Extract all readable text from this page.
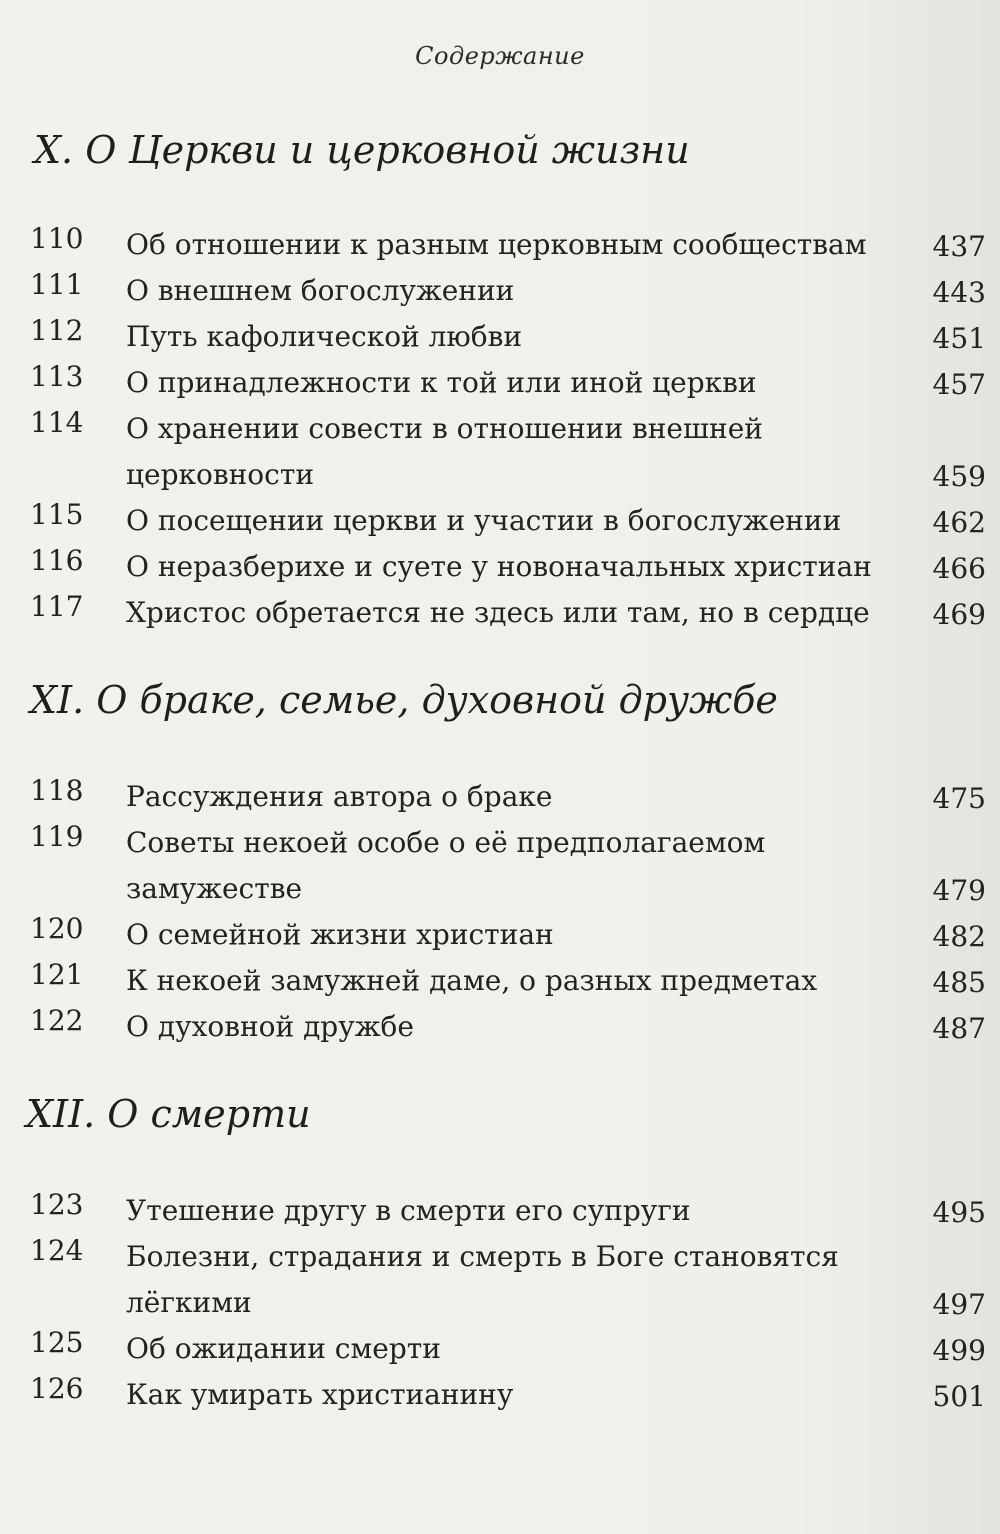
Содержание
X. О Церкви и церковной жизни
110 Об отношении к разным церковным сообществам	437
111 О внешнем богослужении	443
112 Путь кафолической любви	451
113 О принадлежности к той или иной церкви	457
114 О хранении совести в отношении внешней
церковности	459
115 О посещении церкви и участии в богослужении	462
116 О неразберихе и суете у новоначальных христиан	466
117 Христос обретается не здесь или там, но в сердце	469
XI. О браке, семье, духовной дружбе
118 Рассуждения автора о браке	475
119 Советы некоей особе о её предполагаемом
замужестве	479
120 О семейной жизни христиан	482
121 К некоей замужней даме, о разных предметах	485
122 О духовной дружбе	487
XII. О смерти
123 Утешение другу в смерти его супруги	495
124 Болезни, страдания и смерть в Боге становятся
лёгкими	497
125 Об ожидании смерти	499
126 Как умирать христианину	501
